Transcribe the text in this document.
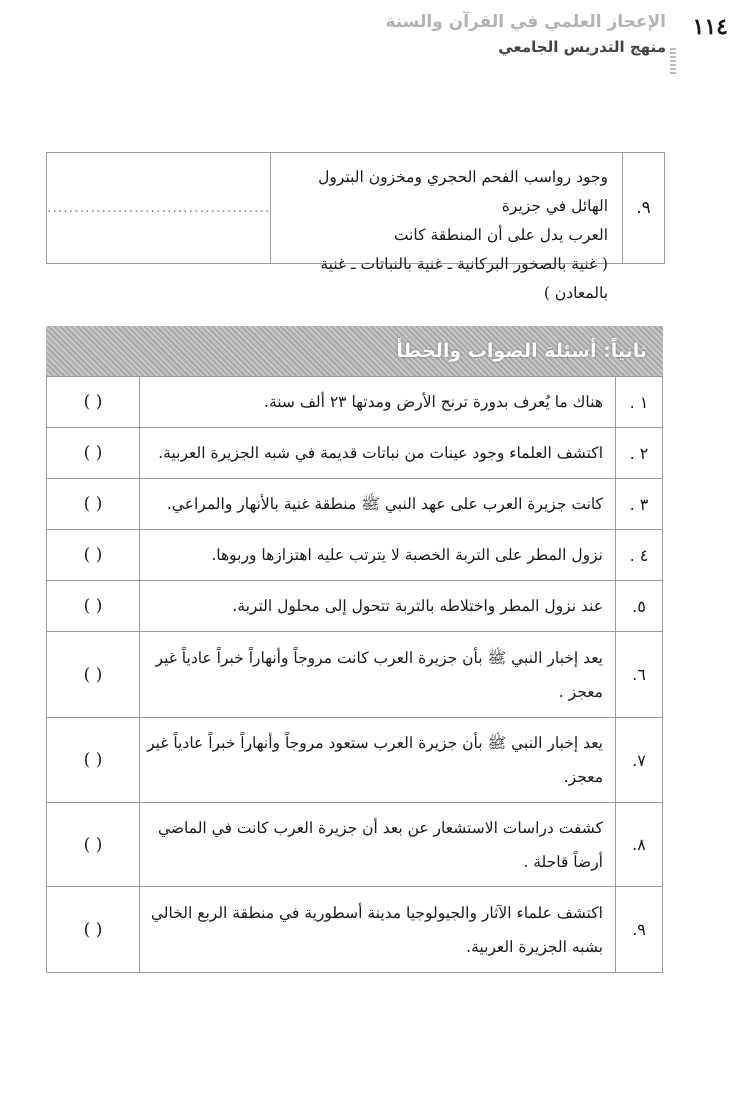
١١٤
الإعجاز العلمي في القرآن والسنة
منهج التدريس الجامعي
٩.
وجود رواسب الفحم الحجري ومخزون البترول الهائل في جزيرة
العرب يدل على أن المنطقة كانت
( غنية بالصخور البركانية ـ غنية بالنباتات ـ غنية بالمعادن )
.........................................
ثانياً: أسئلة الصواب والخطأ
١ .
هناك ما يُعرف بدورة ترنح الأرض ومدتها ٢٣ ألف سنة.
( )
٢ .
اكتشف العلماء وجود عينات من نباتات قديمة في شبه الجزيرة العربية.
( )
٣ .
كانت جزيرة العرب على عهد النبي ﷺ منطقة غنية بالأنهار والمراعي.
( )
٤ .
نزول المطر على التربة الخصبة لا يترتب عليه اهتزازها وربوها.
( )
٥.
عند نزول المطر واختلاطه بالتربة تتحول إلى محلول التربة.
( )
٦.
يعد إخبار النبي ﷺ بأن جزيرة العرب كانت مروجاً وأنهاراً خبراً عادياً غير معجز .
( )
٧.
يعد إخبار النبي ﷺ بأن جزيرة العرب ستعود مروجاً وأنهاراً خبراً عادياً غير معجز.
( )
٨.
كشفت دراسات الاستشعار عن بعد أن جزيرة العرب كانت في الماضي أرضاً قاحلة .
( )
٩.
اكتشف علماء الآثار والجيولوجيا مدينة أسطورية في منطقة الربع الخالي بشبه الجزيرة العربية.
( )
